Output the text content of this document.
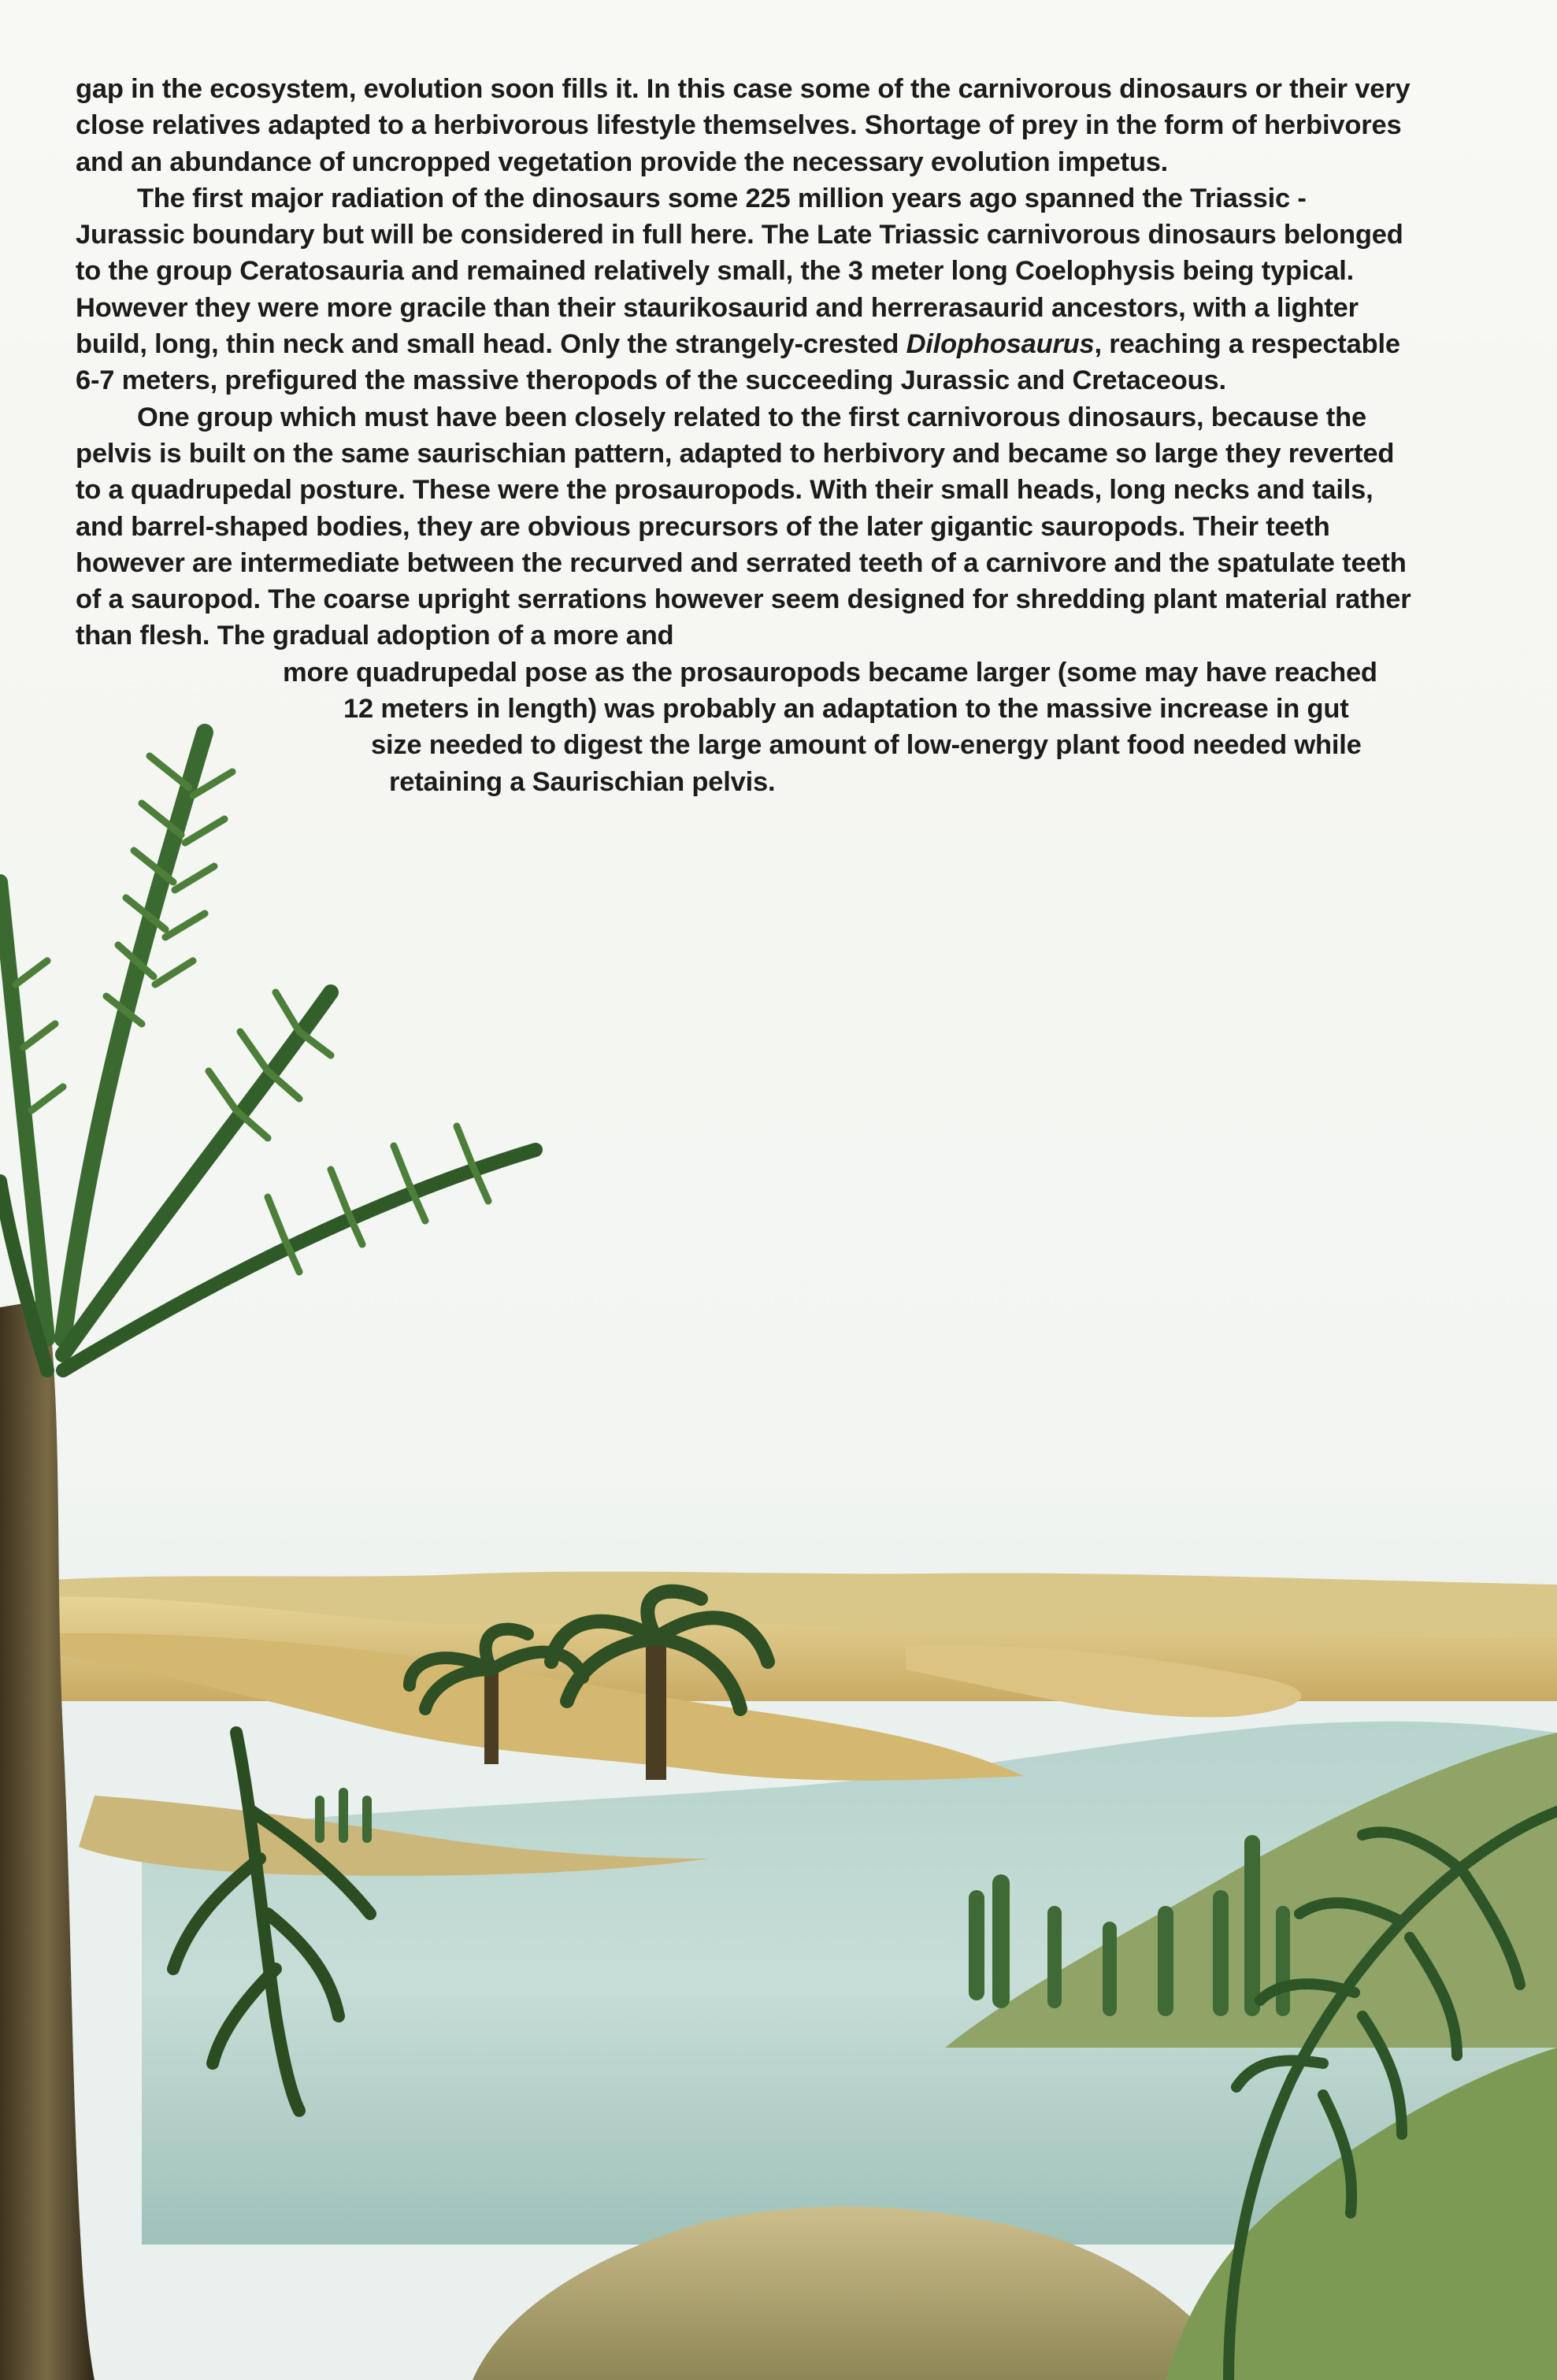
gap in the ecosystem, evolution soon fills it. In this case some of the carnivorous dinosaurs or their very close relatives adapted to a herbivorous lifestyle themselves. Shortage of prey in the form of herbivores and an abundance of uncropped vegetation provide the necessary evolution impetus.

The first major radiation of the dinosaurs some 225 million years ago spanned the Triassic - Jurassic boundary but will be considered in full here. The Late Triassic carnivorous dinosaurs belonged to the group Ceratosauria and remained relatively small, the 3 meter long Coelophysis being typical. However they were more gracile than their staurikosaurid and herrerasaurid ancestors, with a lighter build, long, thin neck and small head. Only the strangely-crested Dilophosaurus, reaching a respectable 6-7 meters, prefigured the massive theropods of the succeeding Jurassic and Cretaceous.

One group which must have been closely related to the first carnivorous dinosaurs, because the pelvis is built on the same saurischian pattern, adapted to herbivory and became so large they reverted to a quadrupedal posture. These were the prosauropods. With their small heads, long necks and tails, and barrel-shaped bodies, they are obvious precursors of the later gigantic sauropods. Their teeth however are intermediate between the recurved and serrated teeth of a carnivore and the spatulate teeth of a sauropod. The coarse upright serrations however seem designed for shredding plant material rather than flesh. The gradual adoption of a more and
more quadrupedal pose as the prosauropods became larger (some may have reached
12 meters in length) was probably an adaptation to the massive increase in gut
size needed to digest the large amount of low-energy plant food needed while
retaining a Saurischian pelvis.
